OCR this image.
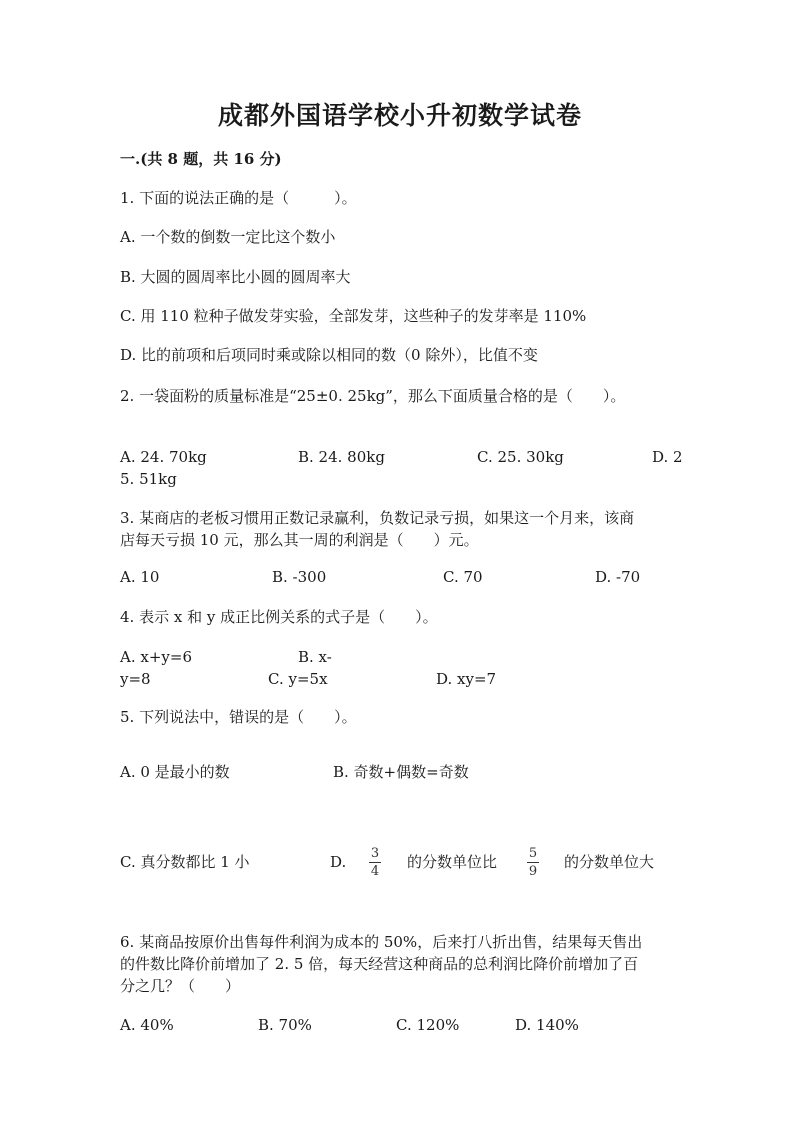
成都外国语学校小升初数学试卷
一.(共 8 题，共 16 分)
1. 下面的说法正确的是（　　　）。
A. 一个数的倒数一定比这个数小
B. 大圆的圆周率比小圆的圆周率大
C. 用 110 粒种子做发芽实验，全部发芽，这些种子的发芽率是 110%
D. 比的前项和后项同时乘或除以相同的数（0 除外），比值不变
2. 一袋面粉的质量标准是“25±0. 25kg”，那么下面质量合格的是（　　）。
A. 24. 70kg	B. 24. 80kg	C. 25. 30kg	D. 2
5. 51kg
3. 某商店的老板习惯用正数记录赢利，负数记录亏损，如果这一个月来，该商
店每天亏损 10 元，那么其一周的利润是（　　）元。
A. 10	B. -300	C. 70	D. -70
4. 表示 x 和 y 成正比例关系的式子是（　　）。
A. x+y=6	B. x-
y=8	C. y=5x	D. xy=7
5. 下列说法中，错误的是（　　）。
A. 0 是最小的数	B. 奇数+偶数=奇数
C. 真分数都比 1 小	D. 3
4
的分数单位比 5
9
的分数单位大
6. 某商品按原价出售每件利润为成本的 50%，后来打八折出售，结果每天售出
的件数比降价前增加了 2. 5 倍，每天经营这种商品的总利润比降价前增加了百
分之几？（　　）
A. 40%	B. 70%	C. 120%	D. 140%
